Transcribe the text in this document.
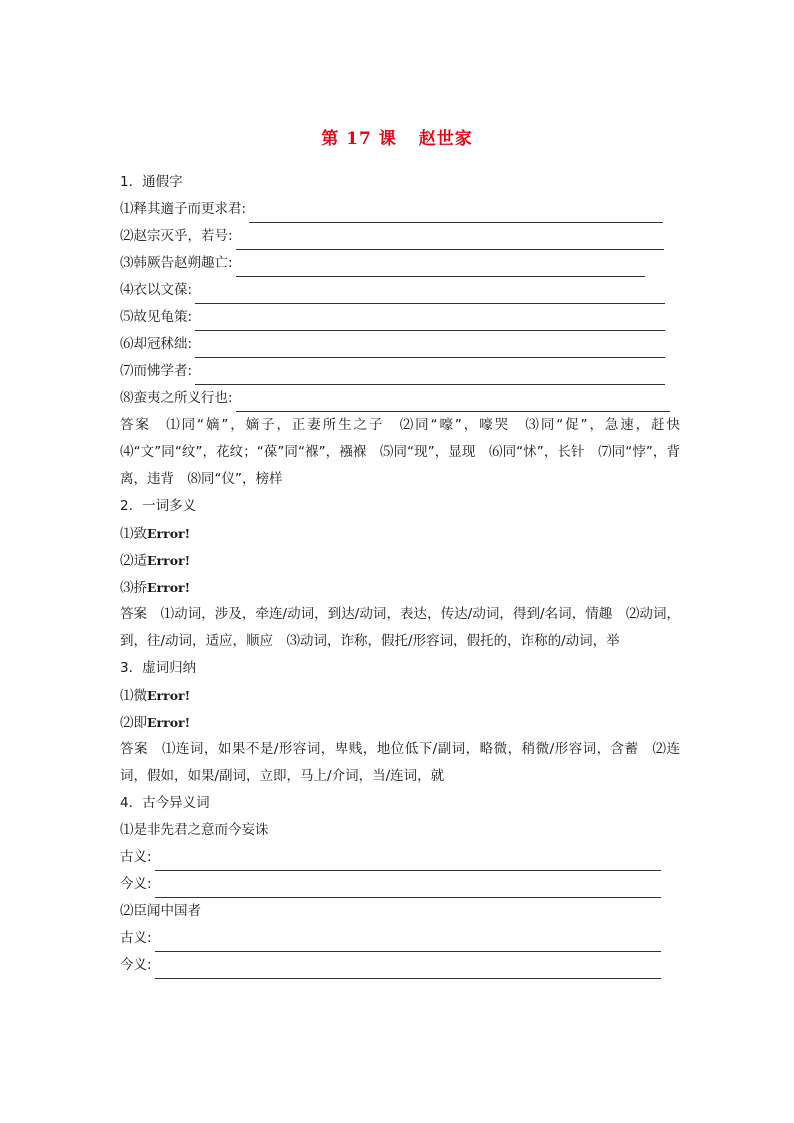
第 17 课 赵世家
1．通假字
⑴释其適子而更求君:
⑵赵宗灭乎，若号:
⑶韩厥告赵朔趣亡:
⑷衣以文葆:
⑸故见龟策:
⑹却冠秫绌:
⑺而怫学者:
⑻蛮夷之所义行也:
答案　⑴同“嫡”，嫡子，正妻所生之子　⑵同“嚎”，嚎哭　⑶同“促”，急速，赶快　⑷“文”同“纹”，花纹；“葆”同“褓”，襁褓　⑸同“现”，显现　⑹同“怵”，长针　⑺同“悖”，背离，违背　⑻同“仪”，榜样
2．一词多义
⑴致Error!
⑵适Error!
⑶挢Error!
答案　⑴动词，涉及，牵连/动词，到达/动词，表达，传达/动词，得到/名词，情趣　⑵动词，到，往/动词，适应，顺应　⑶动词，诈称，假托/形容词，假托的，诈称的/动词，举
3．虚词归纳
⑴微Error!
⑵即Error!
答案　⑴连词，如果不是/形容词，卑贱，地位低下/副词，略微，稍微/形容词，含蓄　⑵连词，假如，如果/副词，立即，马上/介词，当/连词，就
4．古今异义词
⑴是非先君之意而今妄诛
古义:
今义:
⑵臣闻中国者
古义:
今义:
